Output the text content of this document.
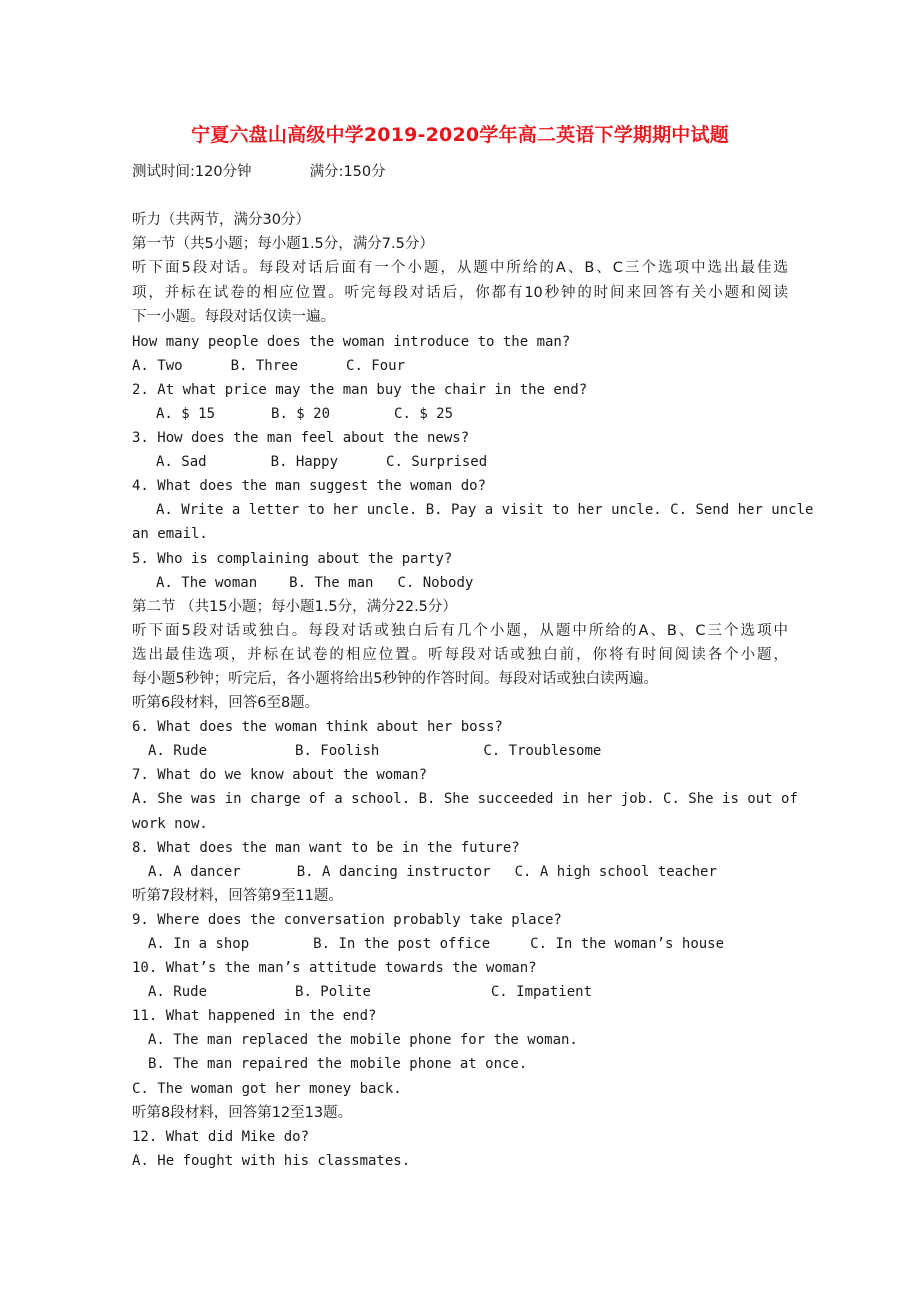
宁夏六盘山高级中学2019-2020学年高二英语下学期期中试题
测试时间:120分钟	满分:150分
听力（共两节，满分30分）
第一节（共5小题；每小题1.5分，满分7.5分）
听下面5段对话。每段对话后面有一个小题，从题中所给的A、B、C三个选项中选出最佳选
项，并标在试卷的相应位置。听完每段对话后，你都有10秒钟的时间来回答有关小题和阅读
下一小题。每段对话仅读一遍。
How many people does the woman introduce to the man?
A. Two	B. Three	C. Four
2. At what price may the man buy the chair in the end?
A. $ 15	B. $ 20	C. $ 25
3. How does the man feel about the news?
A. Sad	B. Happy	C. Surprised
4. What does the man suggest the woman do?
A. Write a letter to her uncle. B. Pay a visit to her uncle. C. Send her uncle
an email.
5. Who is complaining about the party?
A. The woman B. The man C. Nobody
第二节 （共15小题；每小题1.5分，满分22.5分）
听下面5段对话或独白。每段对话或独白后有几个小题，从题中所给的A、B、C三个选项中
选出最佳选项，并标在试卷的相应位置。听每段对话或独白前，你将有时间阅读各个小题，
每小题5秒钟；听完后，各小题将给出5秒钟的作答时间。每段对话或独白读两遍。
听第6段材料，回答6至8题。
6. What does the woman think about her boss?
A. Rude	B. Foolish	C. Troublesome
7. What do we know about the woman?
A. She was in charge of a school. B. She succeeded in her job. C. She is out of
work now.
8. What does the man want to be in the future?
A. A dancer	B. A dancing instructor C. A high school teacher
听第7段材料，回答第9至11题。
9. Where does the conversation probably take place?
A. In a shop	B. In the post office	C. In the woman’s house
10. What’s the man’s attitude towards the woman?
A. Rude	B. Polite	C. Impatient
11. What happened in the end?
A. The man replaced the mobile phone for the woman.
B. The man repaired the mobile phone at once.
C. The woman got her money back.
听第8段材料，回答第12至13题。
12. What did Mike do?
A. He fought with his classmates.
